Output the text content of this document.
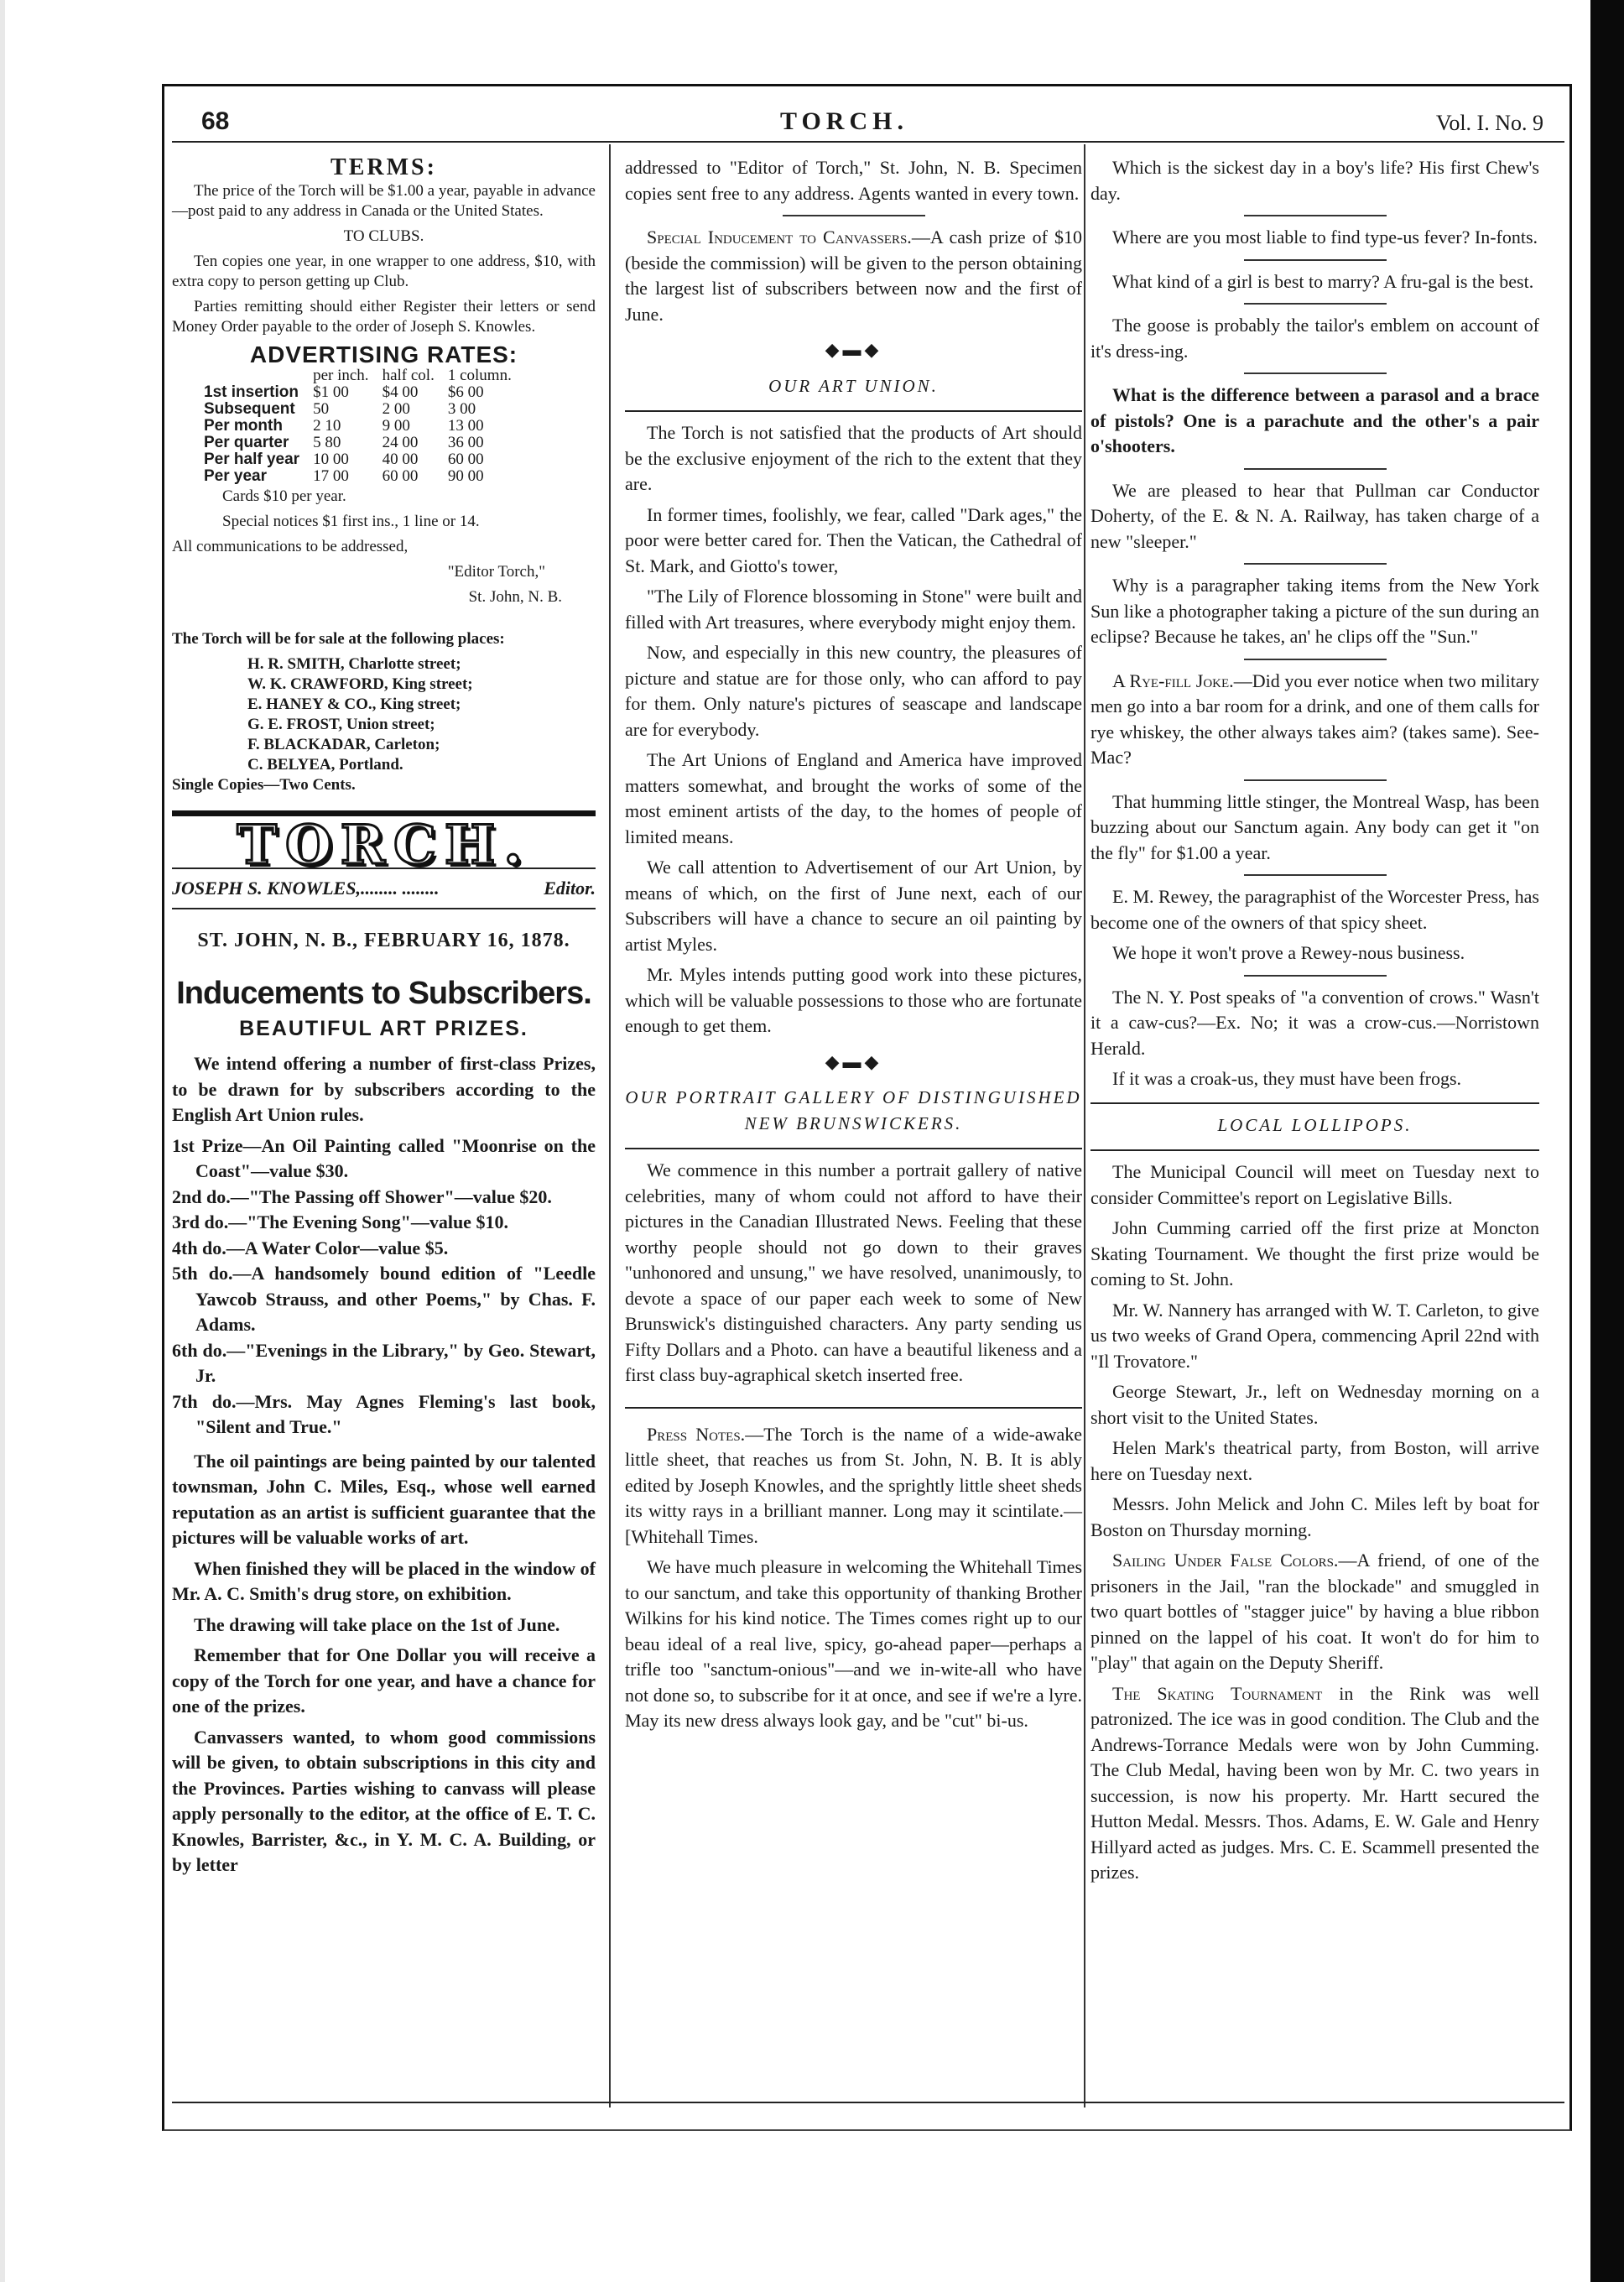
68	TORCH.	Vol. I. No. 9
TERMS:

The price of the Torch will be $1.00 a year, payable in advance—post paid to any address in Canada or the United States.

TO CLUBS.

Ten copies one year, in one wrapper to one address, $10, with extra copy to person getting up Club.

Parties remitting should either Register their letters or send Money Order payable to the order of Joseph S. Knowles.

ADVERTISING RATES:
	per inch.	half col.	1 column.
1st insertion	$1 00	$4 00	$6 00
Subsequent	50	2 00	3 00
Per month	2 10	9 00	13 00
Per quarter	5 80	24 00	36 00
Per half year	10 00	40 00	60 00
Per year	17 00	60 00	90 00

Cards $10 per year.

Special notices $1 first ins., 1 line or 14.

All communications to be addressed,

"Editor Torch,"

St. John, N. B.

The Torch will be for sale at the following places:

H. R. SMITH, Charlotte street;

W. K. CRAWFORD, King street;

E. HANEY & CO., King street;

G. E. FROST, Union street;

F. BLACKADAR, Carleton;

C. BELYEA, Portland.

Single Copies—Two Cents.

TORCH.
JOSEPH S. KNOWLES,........ ........	Editor.
ST. JOHN, N. B., FEBRUARY 16, 1878.
Inducements to Subscribers.
BEAUTIFUL ART PRIZES.

We intend offering a number of first-class Prizes, to be drawn for by subscribers according to the English Art Union rules.

1st Prize—An Oil Painting called "Moonrise on the Coast"—value $30.

2nd do.—"The Passing off Shower"—value $20.

3rd do.—"The Evening Song"—value $10.

4th do.—A Water Color—value $5.

5th do.—A handsomely bound edition of "Leedle Yawcob Strauss, and other Poems," by Chas. F. Adams.

6th do.—"Evenings in the Library," by Geo. Stewart, Jr.

7th do.—Mrs. May Agnes Fleming's last book, "Silent and True."

The oil paintings are being painted by our talented townsman, John C. Miles, Esq., whose well earned reputation as an artist is sufficient guarantee that the pictures will be valuable works of art.

When finished they will be placed in the window of Mr. A. C. Smith's drug store, on exhibition.

The drawing will take place on the 1st of June.

Remember that for One Dollar you will receive a copy of the Torch for one year, and have a chance for one of the prizes.

Canvassers wanted, to whom good commissions will be given, to obtain subscriptions in this city and the Provinces. Parties wishing to canvass will please apply personally to the editor, at the office of E. T. C. Knowles, Barrister, &c., in Y. M. C. A. Building, or by letter

addressed to "Editor of Torch," St. John, N. B. Specimen copies sent free to any address. Agents wanted in every town.

Special Inducement to Canvassers.—A cash prize of $10 (beside the commission) will be given to the person obtaining the largest list of subscribers between now and the first of June.

◆▬◆
OUR ART UNION.

The Torch is not satisfied that the products of Art should be the exclusive enjoyment of the rich to the extent that they are.

In former times, foolishly, we fear, called "Dark ages," the poor were better cared for. Then the Vatican, the Cathedral of St. Mark, and Giotto's tower,

"The Lily of Florence blossoming in Stone" were built and filled with Art treasures, where everybody might enjoy them.

Now, and especially in this new country, the pleasures of picture and statue are for those only, who can afford to pay for them. Only nature's pictures of seascape and landscape are for everybody.

The Art Unions of England and America have improved matters somewhat, and brought the works of some of the most eminent artists of the day, to the homes of people of limited means.

We call attention to Advertisement of our Art Union, by means of which, on the first of June next, each of our Subscribers will have a chance to secure an oil painting by artist Myles.

Mr. Myles intends putting good work into these pictures, which will be valuable possessions to those who are fortunate enough to get them.

◆▬◆
OUR PORTRAIT GALLERY OF DISTINGUISHED NEW BRUNSWICKERS.

We commence in this number a portrait gallery of native celebrities, many of whom could not afford to have their pictures in the Canadian Illustrated News. Feeling that these worthy people should not go down to their graves "unhonored and unsung," we have resolved, unanimously, to devote a space of our paper each week to some of New Brunswick's distinguished characters. Any party sending us Fifty Dollars and a Photo. can have a beautiful likeness and a first class buy-agraphical sketch inserted free.

Press Notes.—The Torch is the name of a wide-awake little sheet, that reaches us from St. John, N. B. It is ably edited by Joseph Knowles, and the sprightly little sheet sheds its witty rays in a brilliant manner. Long may it scintilate.—[Whitehall Times.

We have much pleasure in welcoming the Whitehall Times to our sanctum, and take this opportunity of thanking Brother Wilkins for his kind notice. The Times comes right up to our beau ideal of a real live, spicy, go-ahead paper—perhaps a trifle too "sanctum-onious"—and we in-wite-all who have not done so, to subscribe for it at once, and see if we're a lyre. May its new dress always look gay, and be "cut" bi-us.

Which is the sickest day in a boy's life? His first Chew's day.

Where are you most liable to find type-us fever? In-fonts.

What kind of a girl is best to marry? A fru-gal is the best.

The goose is probably the tailor's emblem on account of it's dress-ing.

What is the difference between a parasol and a brace of pistols? One is a parachute and the other's a pair o'shooters.

We are pleased to hear that Pullman car Conductor Doherty, of the E. & N. A. Railway, has taken charge of a new "sleeper."

Why is a paragrapher taking items from the New York Sun like a photographer taking a picture of the sun during an eclipse? Because he takes, an' he clips off the "Sun."

A Rye-fill Joke.—Did you ever notice when two military men go into a bar room for a drink, and one of them calls for rye whiskey, the other always takes aim? (takes same). See-Mac?

That humming little stinger, the Montreal Wasp, has been buzzing about our Sanctum again. Any body can get it "on the fly" for $1.00 a year.

E. M. Rewey, the paragraphist of the Worcester Press, has become one of the owners of that spicy sheet.

We hope it won't prove a Rewey-nous business.

The N. Y. Post speaks of "a convention of crows." Wasn't it a caw-cus?—Ex. No; it was a crow-cus.—Norristown Herald.

If it was a croak-us, they must have been frogs.

LOCAL LOLLIPOPS.

The Municipal Council will meet on Tuesday next to consider Committee's report on Legislative Bills.

John Cumming carried off the first prize at Moncton Skating Tournament. We thought the first prize would be coming to St. John.

Mr. W. Nannery has arranged with W. T. Carleton, to give us two weeks of Grand Opera, commencing April 22nd with "Il Trovatore."

George Stewart, Jr., left on Wednesday morning on a short visit to the United States.

Helen Mark's theatrical party, from Boston, will arrive here on Tuesday next.

Messrs. John Melick and John C. Miles left by boat for Boston on Thursday morning.

Sailing Under False Colors.—A friend, of one of the prisoners in the Jail, "ran the blockade" and smuggled in two quart bottles of "stagger juice" by having a blue ribbon pinned on the lappel of his coat. It won't do for him to "play" that again on the Deputy Sheriff.

The Skating Tournament in the Rink was well patronized. The ice was in good condition. The Club and the Andrews-Torrance Medals were won by John Cumming. The Club Medal, having been won by Mr. C. two years in succession, is now his property. Mr. Hartt secured the Hutton Medal. Messrs. Thos. Adams, E. W. Gale and Henry Hillyard acted as judges. Mrs. C. E. Scammell presented the prizes.
